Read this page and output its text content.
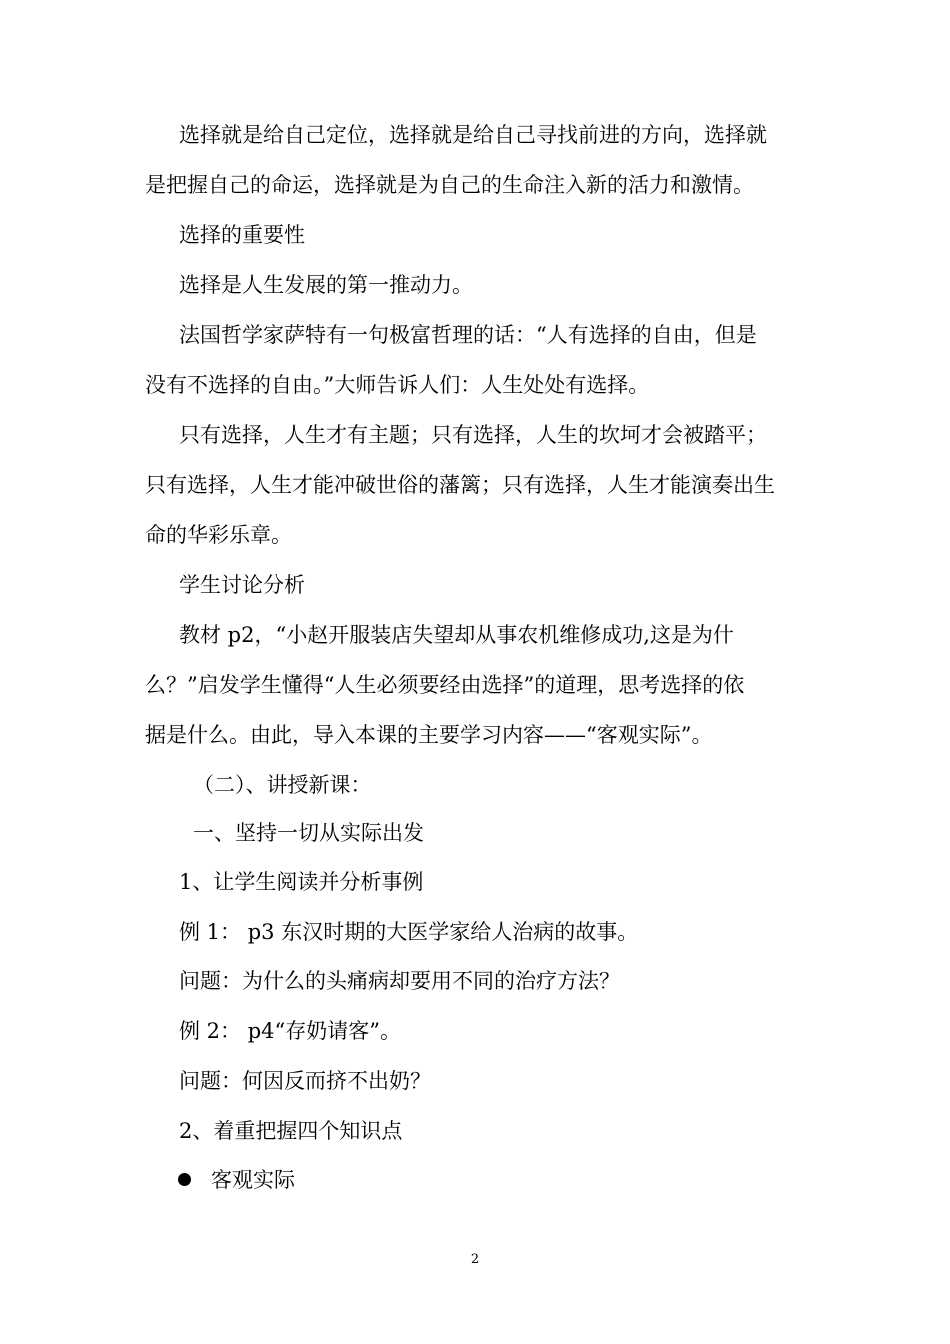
选择就是给自己定位，选择就是给自己寻找前进的方向，选择就
是把握自己的命运，选择就是为自己的生命注入新的活力和激情。
选择的重要性
选择是人生发展的第一推动力。
法国哲学家萨特有一句极富哲理的话：“人有选择的自由，但是
没有不选择的自由。”大师告诉人们：人生处处有选择。
只有选择，人生才有主题；只有选择，人生的坎坷才会被踏平；
只有选择，人生才能冲破世俗的藩篱；只有选择，人生才能演奏出生
命的华彩乐章。
学生讨论分析
教材 p2，“小赵开服装店失望却从事农机维修成功,这是为什
么？”启发学生懂得“人生必须要经由选择”的道理，思考选择的依
据是什么。由此，导入本课的主要学习内容——“客观实际”。
（二）、讲授新课：
一、坚持一切从实际出发
1、让学生阅读并分析事例
例 1： p3 东汉时期的大医学家给人治病的故事。
问题：为什么的头痛病却要用不同的治疗方法？
例 2： p4“存奶请客”。
问题：何因反而挤不出奶？
2、着重把握四个知识点
客观实际
2
